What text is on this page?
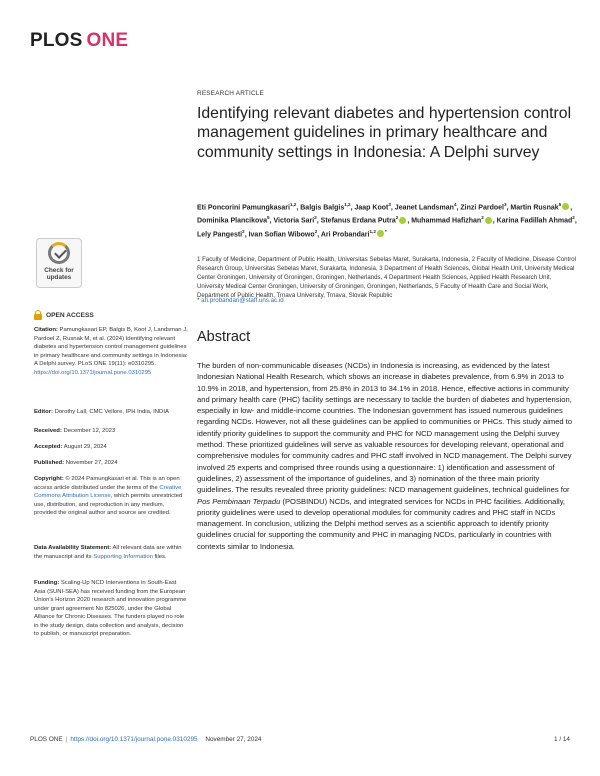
PLOS ONE
Check for
updates
OPEN ACCESS
Citation: Pamungkasari EP, Balgis B, Koot J, Landsman J, Pardoel Z, Rusnak M, et al. (2024) Identifying relevant diabetes and hypertension control management guidelines in primary healthcare and community settings in Indonesia: A Delphi survey. PLoS ONE 19(11): e0310295. https://doi.org/10.1371/journal.pone.0310295
Editor: Dorothy Lall, CMC Vellore, IPH India, INDIA
Received: December 12, 2023
Accepted: August 29, 2024
Published: November 27, 2024
Copyright: © 2024 Pamungkasari et al. This is an open access article distributed under the terms of the Creative Commons Attribution License, which permits unrestricted use, distribution, and reproduction in any medium, provided the original author and source are credited.
Data Availability Statement: All relevant data are within the manuscript and its Supporting Information files.
Funding: Scaling-Up NCD Interventions in South-East Asia (SUNI-SEA) has received funding from the European Union's Horizon 2020 research and innovation programme under grant agreement No 825026, under the Global Alliance for Chronic Diseases. The funders played no role in the study design, data collection and analysis, decision to publish, or manuscript preparation.
RESEARCH ARTICLE
Identifying relevant diabetes and hypertension control management guidelines in primary healthcare and community settings in Indonesia: A Delphi survey
Eti Poncorini Pamungkasari$^{1,2}$, Balgis Balgis$^{1,2}$, Jaap Koot$^3$, Jeanet Landsman$^4$, Zinzi Pardoel$^3$, Martin Rusnak$^5$ , Dominika Plancikova$^5$, Victoria Sari$^2$, Stefanus Erdana Putra$^2$ , Muhammad Hafizhan$^2$ , Karina Fadillah Ahmad$^2$, Lely Pangesti$^2$, Ivan Sofian Wibowo$^2$, Ari Probandari$^{1,2}$ *
1 Faculty of Medicine, Department of Public Health, Universitas Sebelas Maret, Surakarta, Indonesia, 2 Faculty of Medicine, Disease Control Research Group, Universitas Sebelas Maret, Surakarta, Indonesia, 3 Department of Health Sciences, Global Health Unit, University Medical Center Groningen, University of Groningen, Groningen, Netherlands, 4 Department Health Sciences, Applied Health Research Unit, University Medical Center Groningen, University of Groningen, Groningen, Netherlands, 5 Faculty of Health Care and Social Work, Department of Public Health, Trnava University, Trnava, Slovak Republic
* ari.probandari@staff.uns.ac.id
Abstract
The burden of non-communicable diseases (NCDs) in Indonesia is increasing, as evidenced by the latest Indonesian National Health Research, which shows an increase in diabetes prevalence, from 6.9% in 2013 to 10.9% in 2018, and hypertension, from 25.8% in 2013 to 34.1% in 2018. Hence, effective actions in community and primary health care (PHC) facility settings are necessary to tackle the burden of diabetes and hypertension, especially in low- and middle-income countries. The Indonesian government has issued numerous guidelines regarding NCDs. However, not all these guidelines can be applied to communities or PHCs. This study aimed to identify priority guidelines to support the community and PHC for NCD management using the Delphi survey method. These prioritized guidelines will serve as valuable resources for developing relevant, operational and comprehensive modules for community cadres and PHC staff involved in NCD management. The Delphi survey involved 25 experts and comprised three rounds using a questionnaire: 1) identification and assessment of guidelines, 2) assessment of the importance of guidelines, and 3) nomination of the three main priority guidelines. The results revealed three priority guidelines: NCD management guidelines, technical guidelines for Pos Pembinaan Terpadu (POSBINDU) NCDs, and integrated services for NCDs in PHC facilities. Additionally, priority guidelines were used to develop operational modules for community cadres and PHC staff in NCDs management. In conclusion, utilizing the Delphi method serves as a scientific approach to identify priority guidelines crucial for supporting the community and PHC in managing NCDs, particularly in countries with contexts similar to Indonesia.
PLOS ONE | https://doi.org/10.1371/journal.pone.0310295 November 27, 2024	1 / 14
